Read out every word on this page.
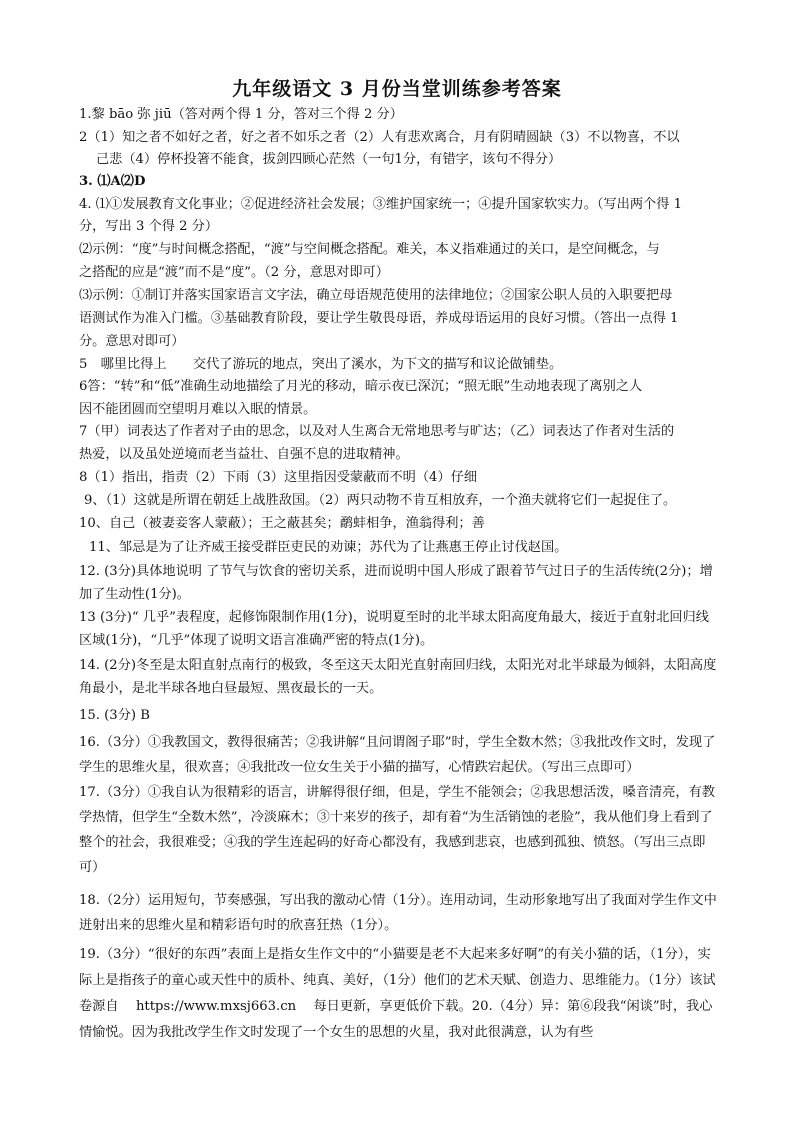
九年级语文 3 月份当堂训练参考答案
1.黎 bāo 弥 jiū（答对两个得 1 分，答对三个得 2 分）
2（1）知之者不如好之者，好之者不如乐之者（2）人有悲欢离合，月有阴晴圆缺（3）不以物喜，不以
己悲（4）停杯投箸不能食，拔剑四顾心茫然（一句1分，有错字，该句不得分）
3. ⑴A⑵D
4. ⑴①发展教育文化事业；②促进经济社会发展；③维护国家统一；④提升国家软实力。（写出两个得 1
分，写出 3 个得 2 分）
⑵示例：“度”与时间概念搭配，“渡”与空间概念搭配。难关，本义指难通过的关口，是空间概念，与
之搭配的应是“渡”而不是“度”。（2 分，意思对即可）
⑶示例：①制订并落实国家语言文字法，确立母语规范使用的法律地位；②国家公职人员的入职要把母
语测试作为准入门槛。③基础教育阶段，要让学生敬畏母语，养成母语运用的良好习惯。（答出一点得 1
分。意思对即可）
5　哪里比得上　　交代了游玩的地点，突出了溪水，为下文的描写和议论做铺垫。
6答：“转”和“低”准确生动地描绘了月光的移动，暗示夜已深沉；“照无眠”生动地表现了离别之人
因不能团圆而空望明月难以入眠的情景。
7（甲）词表达了作者对子由的思念，以及对人生离合无常地思考与旷达；（乙）词表达了作者对生活的
热爱，以及虽处逆境而老当益壮、自强不息的进取精神。
8（1）指出，指责（2）下雨（3）这里指因受蒙蔽而不明（4）仔细
9、（1）这就是所谓在朝廷上战胜敌国。（2）两只动物不肯互相放弃，一个渔夫就将它们一起捉住了。
10、自己（被妻妾客人蒙蔽）；王之蔽甚矣；鹬蚌相争，渔翁得利；善
11、邹忌是为了让齐威王接受群臣吏民的劝谏；苏代为了让燕惠王停止讨伐赵国。

12. (3分)具体地说明 了节气与饮食的密切关系，进而说明中国人形成了跟着节气过日子的生活传统(2分)；增加了生动性(1分)。

13 (3分)“ 几乎”表程度，起修饰限制作用(1分)，说明夏至时的北半球太阳高度角最大，接近于直射北回归线区域(1分)，“几乎”体现了说明文语言准确严密的特点(1分)。

14. (2分)冬至是太阳直射点南行的极致，冬至这天太阳光直射南回归线，太阳光对北半球最为倾斜，太阳高度角最小，是北半球各地白昼最短、黑夜最长的一天。

15. (3分) B

16.（3分）①我教国文，教得很痛苦；②我讲解“且问谓阁子耶”时，学生全数木然；③我批改作文时，发现了学生的思维火星，很欢喜；④我批改一位女生关于小猫的描写，心情跌宕起伏。（写出三点即可）

17.（3分）①我自认为很精彩的语言，讲解得很仔细，但是，学生不能领会；②我思想活泼，嗓音清亮，有教学热情，但学生“全数木然”，冷淡麻木；③十来岁的孩子，却有着“为生活销蚀的老脸”，我从他们身上看到了整个的社会，我很难受；④我的学生连起码的好奇心都没有，我感到悲哀，也感到孤独、愤怒。（写出三点即可）

18.（2分）运用短句，节奏感强，写出我的激动心情（1分）。连用动词，生动形象地写出了我面对学生作文中迸射出来的思维火星和精彩语句时的欣喜狂热（1分）。

19.（3分）“很好的东西”表面上是指女生作文中的“小猫要是老不大起来多好啊”的有关小猫的话，（1分），实际上是指孩子的童心或天性中的质朴、纯真、美好，（1分）他们的艺术天赋、创造力、思维能力。（1分）该试卷源自　 https://www.mxsj663.cn　 每日更新，享更低价下载。20.（4分）异：第⑥段我“闲谈”时，我心情愉悦。因为我批改学生作文时发现了一个女生的思想的火星，我对此很满意，认为有些
